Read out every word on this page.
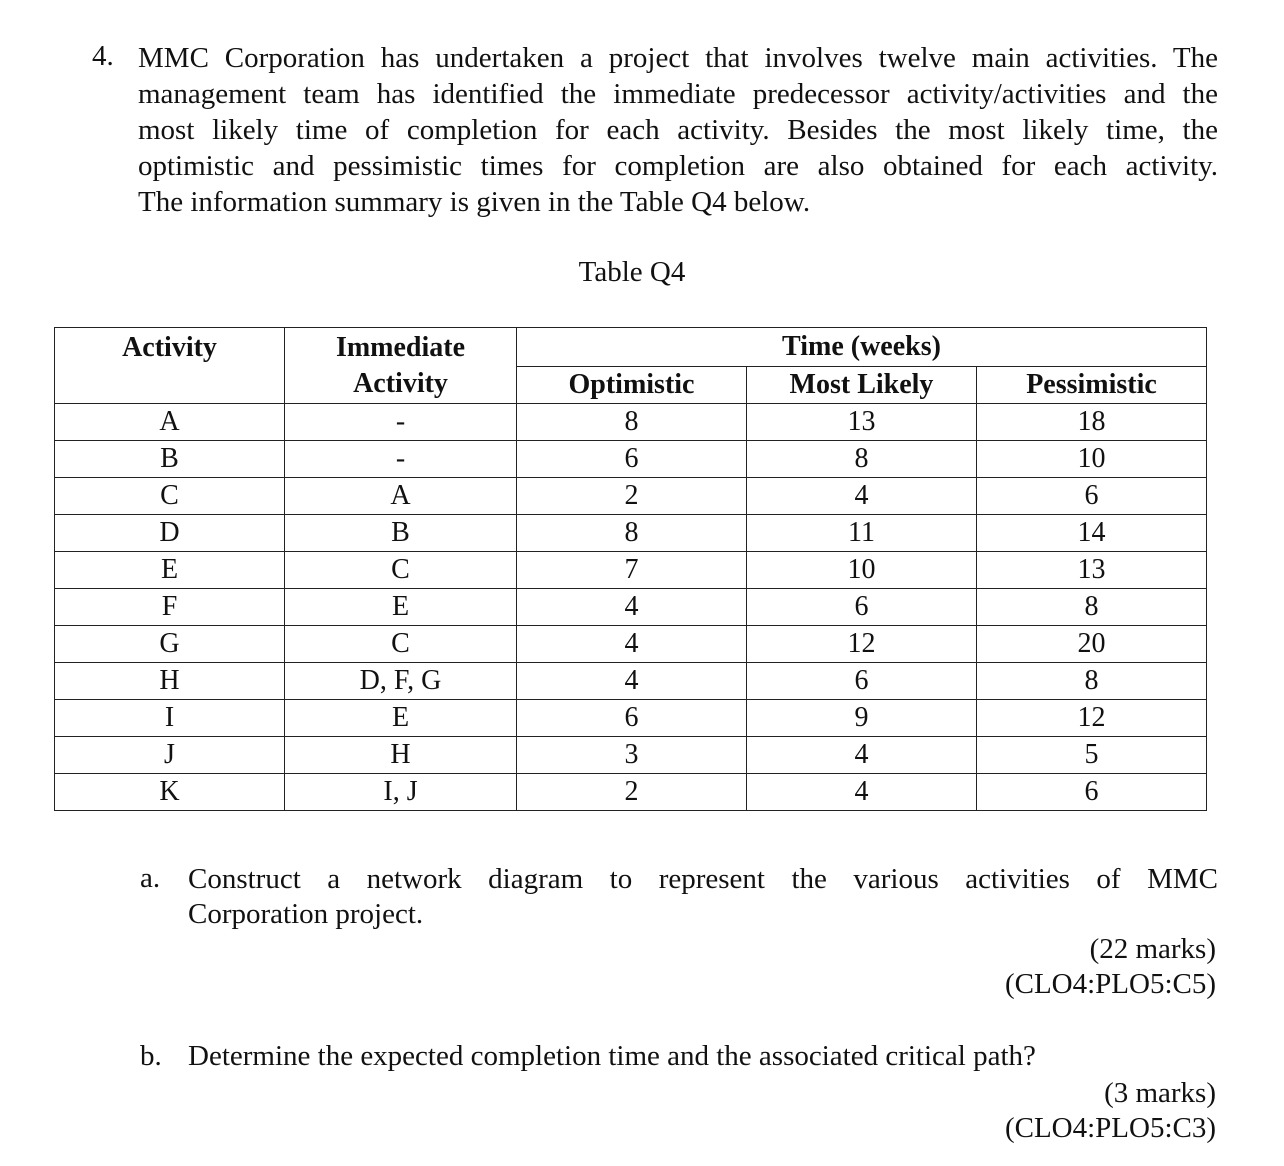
4. MMC Corporation has undertaken a project that involves twelve main activities. The
management team has identified the immediate predecessor activity/activities and the
most likely time of completion for each activity. Besides the most likely time, the
optimistic and pessimistic times for completion are also obtained for each activity.
The information summary is given in the Table Q4 below.
Table Q4
Activity	Immediate	Time (weeks)		
	Activity	Optimistic	Most Likely	Pessimistic
A	-	8	13	18
B	-	6	8	10
C	A	2	4	6
D	B	8	11	14
E	C	7	10	13
F	E	4	6	8
G	C	4	12	20
H	D, F, G	4	6	8
I	E	6	9	12
J	H	3	4	5
K	I, J	2	4	6
a. Construct a network diagram to represent the various activities of MMC
Corporation project.
(22 marks)
(CLO4:PLO5:C5)
b. Determine the expected completion time and the associated critical path?
(3 marks)
(CLO4:PLO5:C3)
